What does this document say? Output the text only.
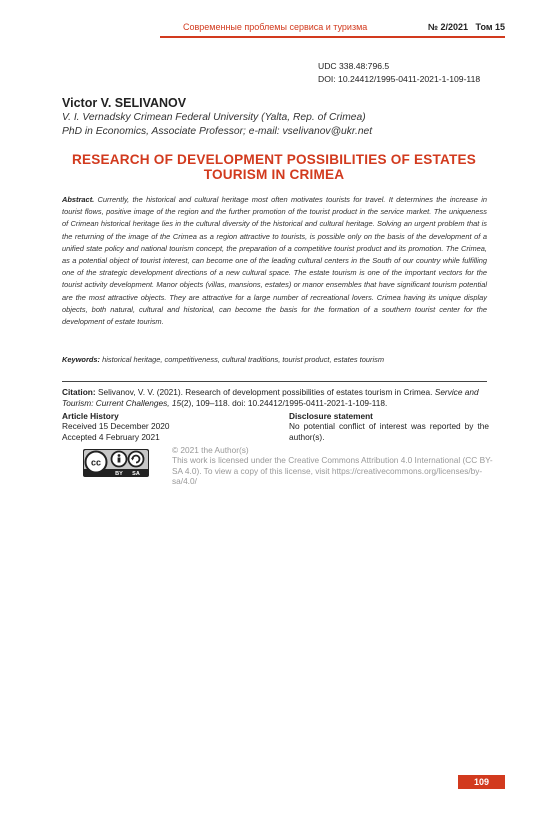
Современные проблемы сервиса и туризма	№ 2/2021   Том 15
UDC 338.48:796.5
DOI: 10.24412/1995-0411-2021-1-109-118
Victor V. SELIVANOV
V. I. Vernadsky Crimean Federal University (Yalta, Rep. of Crimea)
PhD in Economics, Associate Professor; e-mail: vselivanov@ukr.net
RESEARCH OF DEVELOPMENT POSSIBILITIES OF ESTATES
TOURISM IN CRIMEA
Abstract. Currently, the historical and cultural heritage most often motivates tourists for travel. It determines the increase in tourist flows, positive image of the region and the further promotion of the tourist product in the service market. The uniqueness of Crimean historical heritage lies in the cultural diversity of the historical and cultural heritage. Solving an urgent problem that is the returning of the image of the Crimea as a region attractive to tourists, is possible only on the basis of the development of a unified state policy and national tourism concept, the preparation of a competitive tourist product and its promotion. The Crimea, as a potential object of tourist interest, can become one of the leading cultural centers in the South of our country while fulfilling one of the strategic development directions of a new cultural space. The estate tourism is one of the important vectors for the tourist activity development. Manor objects (villas, mansions, estates) or manor ensembles that have significant tourism potential are the most attractive objects. They are attractive for a large number of recreational lovers. Crimea having its unique display objects, both natural, cultural and historical, can become the basis for the formation of a southern tourist center for the development of estate tourism.
Keywords: historical heritage, competitiveness, cultural traditions, tourist product, estates tourism
Citation: Selivanov, V. V. (2021). Research of development possibilities of estates tourism in Crimea. Service and Tourism: Current Challenges, 15(2), 109–118. doi: 10.24412/1995-0411-2021-1-109-118.
Article History
Received 15 December 2020
Accepted 4 February 2021
Disclosure statement
No potential conflict of interest was reported by the author(s).
cc
BY SA
© 2021 the Author(s)
This work is licensed under the Creative Commons Attribution 4.0 International (CC BY-SA 4.0). To view a copy of this license, visit https://creativecommons.org/licenses/by-sa/4.0/
109
